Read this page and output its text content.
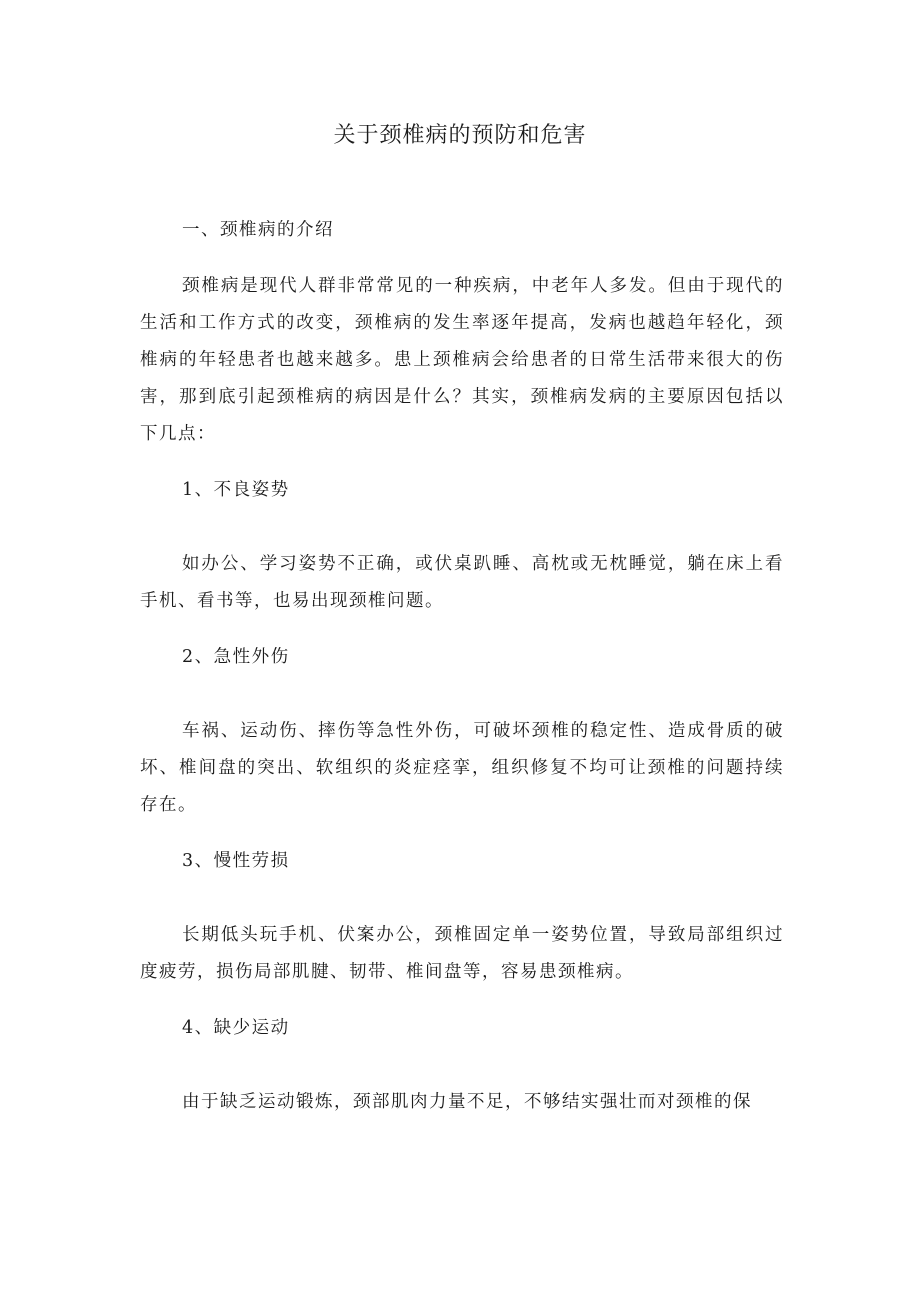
关于颈椎病的预防和危害

一、颈椎病的介绍

颈椎病是现代人群非常常见的一种疾病，中老年人多发。但由于现代的生活和工作方式的改变，颈椎病的发生率逐年提高，发病也越趋年轻化，颈椎病的年轻患者也越来越多。患上颈椎病会给患者的日常生活带来很大的伤害，那到底引起颈椎病的病因是什么？其实，颈椎病发病的主要原因包括以下几点：

1、不良姿势

如办公、学习姿势不正确，或伏桌趴睡、高枕或无枕睡觉，躺在床上看手机、看书等，也易出现颈椎问题。

2、急性外伤

车祸、运动伤、摔伤等急性外伤，可破坏颈椎的稳定性、造成骨质的破坏、椎间盘的突出、软组织的炎症痉挛，组织修复不均可让颈椎的问题持续存在。

3、慢性劳损

长期低头玩手机、伏案办公，颈椎固定单一姿势位置，导致局部组织过度疲劳，损伤局部肌腱、韧带、椎间盘等，容易患颈椎病。

4、缺少运动

由于缺乏运动锻炼，颈部肌肉力量不足，不够结实强壮而对颈椎的保
